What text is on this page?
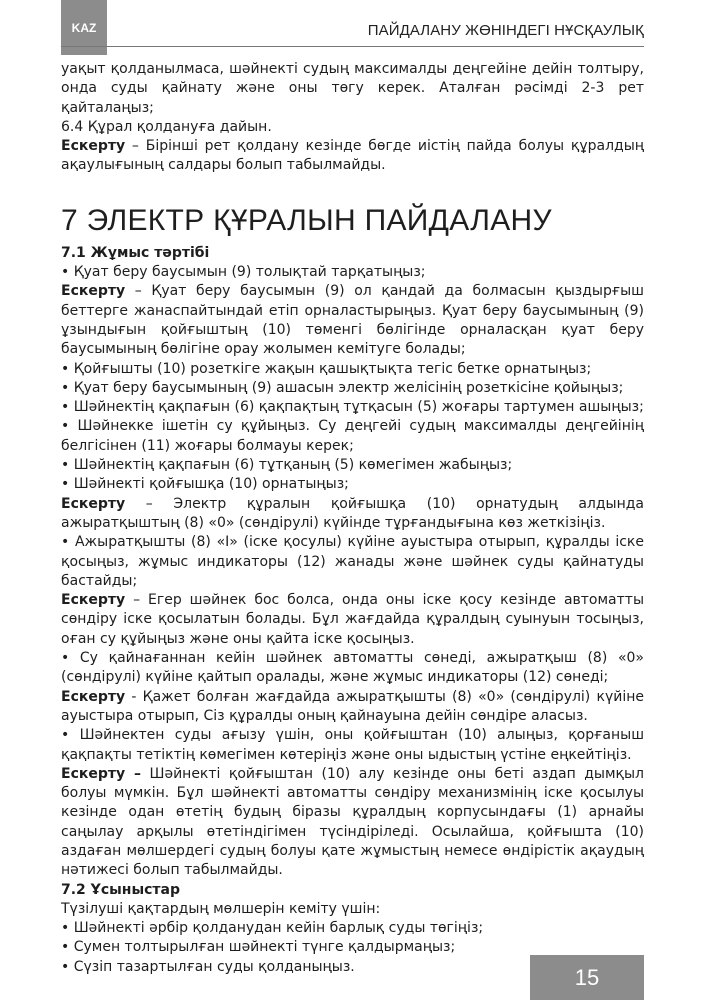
KAZ	ПАЙДАЛАНУ ЖӨНІНДЕГІ НҰСҚАУЛЫҚ

уақыт қолданылмаса, шәйнекті судың максималды деңгейіне дейін толтыру, онда суды қайнату және оны төгу керек. Аталған рәсімді 2-3 рет қайталаңыз;

6.4 Құрал қолдануға дайын.

Ескерту – Бірінші рет қолдану кезінде бөгде иістің пайда болуы құралдың ақаулығының салдары болып табылмайды.

7 ЭЛЕКТР ҚҰРАЛЫН ПАЙДАЛАНУ

7.1 Жұмыс тәртібі

• Қуат беру баусымын (9) толықтай тарқатыңыз;

Ескерту – Қуат беру баусымын (9) ол қандай да болмасын қыздырғыш беттерге жанаспайтындай етіп орналастырыңыз. Қуат беру баусымының (9) ұзындығын қойғыштың (10) төменгі бөлігінде орналасқан қуат беру баусымының бөлігіне орау жолымен кемітуге болады;

• Қойғышты (10) розеткіге жақын қашықтықта тегіс бетке орнатыңыз;

• Қуат беру баусымының (9) ашасын электр желісінің розеткісіне қойыңыз;

• Шәйнектің қақпағын (6) қақпақтың тұтқасын (5) жоғары тартумен ашыңыз;

• Шәйнекке ішетін су құйыңыз. Су деңгейі судың максималды деңгейінің белгісінен (11) жоғары болмауы керек;

• Шәйнектің қақпағын (6) тұтқаның (5) көмегімен жабыңыз;

• Шәйнекті қойғышқа (10) орнатыңыз;

Ескерту – Электр құралын қойғышқа (10) орнатудың алдында ажыратқыштың (8) «0» (сөндірулі) күйінде тұрғандығына көз жеткізіңіз.

• Ажыратқышты (8) «I» (іске қосулы) күйіне ауыстыра отырып, құралды іске қосыңыз, жұмыс индикаторы (12) жанады және шәйнек суды қайнатуды бастайды;

Ескерту – Егер шәйнек бос болса, онда оны іске қосу кезінде автоматты сөндіру іске қосылатын болады. Бұл жағдайда құралдың суынуын тосыңыз, оған су құйыңыз және оны қайта іске қосыңыз.

• Су қайнағаннан кейін шәйнек автоматты сөнеді, ажыратқыш (8) «0» (сөндірулі) күйіне қайтып оралады, жәнe жұмыс индикаторы (12) сөнеді;

Ескерту - Қажет болған жағдайда ажыратқышты (8) «0» (сөндірулі) күйіне ауыстыра отырып, Сіз құралды оның қайнауына дейін сөндіре аласыз.

• Шәйнектен суды ағызу үшін, оны қойғыштан (10) алыңыз, қорғаныш қақпақты тетіктің көмегімен көтеріңіз және оны ыдыстың үстіне еңкейтіңіз.

Ескерту – Шәйнекті қойғыштан (10) алу кезінде оны беті аздап дымқыл болуы мүмкін. Бұл шәйнекті автоматты сөндіру механизмінің іске қосылуы кезінде одан өтетің будың біразы құралдың корпусындағы (1) арнайы саңылау арқылы өтетіндігімен түсіндіріледі. Осылайша, қойғышта (10) аздаған мөлшердегі судың болуы қате жұмыстың немесе өндірістік ақаудың нәтижесі болып табылмайды.

7.2 Ұсыныстар

Түзілуші қақтардың мөлшерін кеміту үшін:

• Шәйнекті әрбір қолданудан кейін барлық суды төгіңіз;

• Сумен толтырылған шәйнекті түнге қалдырмаңыз;

• Сүзіп тазартылған суды қолданыңыз.	15
